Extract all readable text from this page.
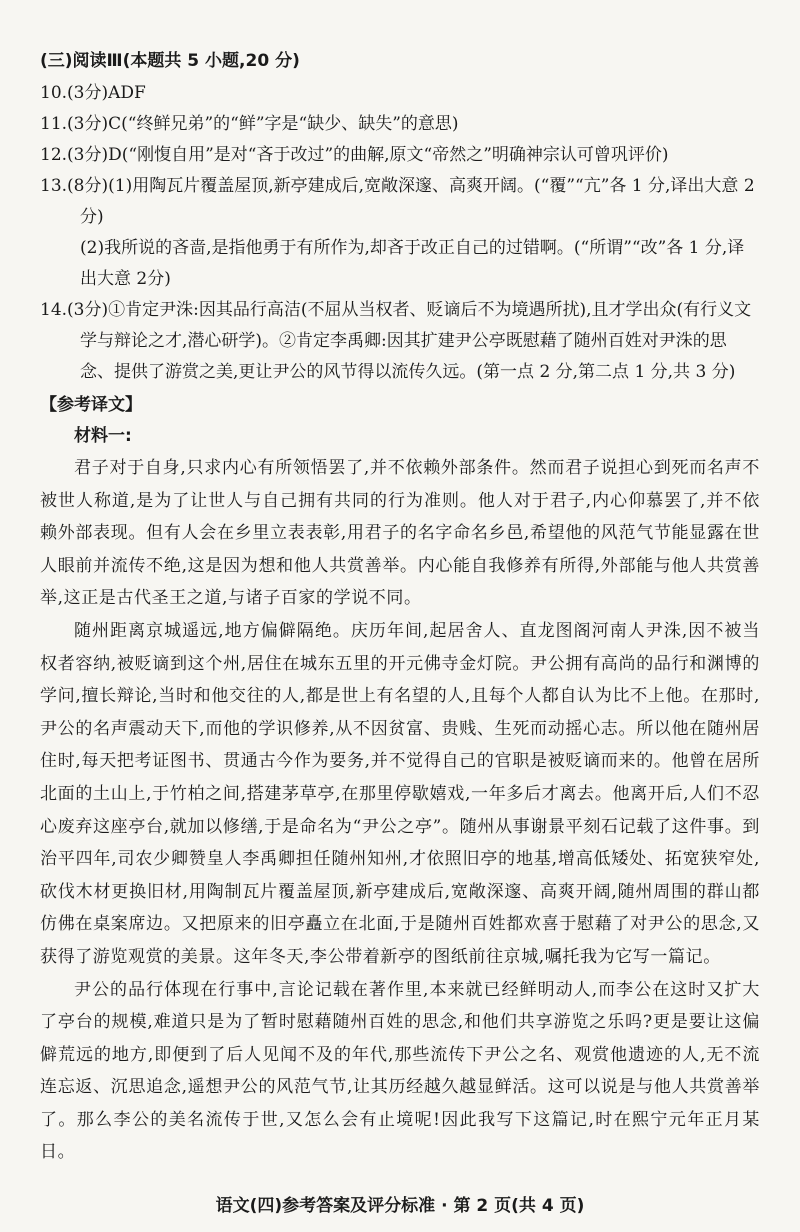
(三)阅读Ⅲ(本题共 5 小题,20 分)

10.(3分)ADF

11.(3分)C(“终鲜兄弟”的“鲜”字是“缺少、缺失”的意思)

12.(3分)D(“刚愎自用”是对“吝于改过”的曲解,原文“帝然之”明确神宗认可曾巩评价)

13.(8分)(1)用陶瓦片覆盖屋顶,新亭建成后,宽敞深邃、高爽开阔。(“覆”“亢”各 1 分,译出大意 2分)

(2)我所说的吝啬,是指他勇于有所作为,却吝于改正自己的过错啊。(“所谓”“改”各 1 分,译出大意 2分)

14.(3分)①肯定尹洙:因其品行高洁(不屈从当权者、贬谪后不为境遇所扰),且才学出众(有行义文学与辩论之才,潜心研学)。②肯定李禹卿:因其扩建尹公亭既慰藉了随州百姓对尹洙的思念、提供了游赏之美,更让尹公的风节得以流传久远。(第一点 2 分,第二点 1 分,共 3 分)

【参考译文】
材料一:

君子对于自身,只求内心有所领悟罢了,并不依赖外部条件。然而君子说担心到死而名声不被世人称道,是为了让世人与自己拥有共同的行为准则。他人对于君子,内心仰慕罢了,并不依赖外部表现。但有人会在乡里立表表彰,用君子的名字命名乡邑,希望他的风范气节能显露在世人眼前并流传不绝,这是因为想和他人共赏善举。内心能自我修养有所得,外部能与他人共赏善举,这正是古代圣王之道,与诸子百家的学说不同。

随州距离京城遥远,地方偏僻隔绝。庆历年间,起居舍人、直龙图阁河南人尹洙,因不被当权者容纳,被贬谪到这个州,居住在城东五里的开元佛寺金灯院。尹公拥有高尚的品行和渊博的学问,擅长辩论,当时和他交往的人,都是世上有名望的人,且每个人都自认为比不上他。在那时,尹公的名声震动天下,而他的学识修养,从不因贫富、贵贱、生死而动摇心志。所以他在随州居住时,每天把考证图书、贯通古今作为要务,并不觉得自己的官职是被贬谪而来的。他曾在居所北面的土山上,于竹柏之间,搭建茅草亭,在那里停歇嬉戏,一年多后才离去。他离开后,人们不忍心废弃这座亭台,就加以修缮,于是命名为“尹公之亭”。随州从事谢景平刻石记载了这件事。到治平四年,司农少卿赞皇人李禹卿担任随州知州,才依照旧亭的地基,增高低矮处、拓宽狭窄处,砍伐木材更换旧材,用陶制瓦片覆盖屋顶,新亭建成后,宽敞深邃、高爽开阔,随州周围的群山都仿佛在桌案席边。又把原来的旧亭矗立在北面,于是随州百姓都欢喜于慰藉了对尹公的思念,又获得了游览观赏的美景。这年冬天,李公带着新亭的图纸前往京城,嘱托我为它写一篇记。

尹公的品行体现在行事中,言论记载在著作里,本来就已经鲜明动人,而李公在这时又扩大了亭台的规模,难道只是为了暂时慰藉随州百姓的思念,和他们共享游览之乐吗?更是要让这偏僻荒远的地方,即便到了后人见闻不及的年代,那些流传下尹公之名、观赏他遗迹的人,无不流连忘返、沉思追念,遥想尹公的风范气节,让其历经越久越显鲜活。这可以说是与他人共赏善举了。那么李公的美名流传于世,又怎么会有止境呢!因此我写下这篇记,时在熙宁元年正月某日。

语文(四)参考答案及评分标准 · 第 2 页(共 4 页)
